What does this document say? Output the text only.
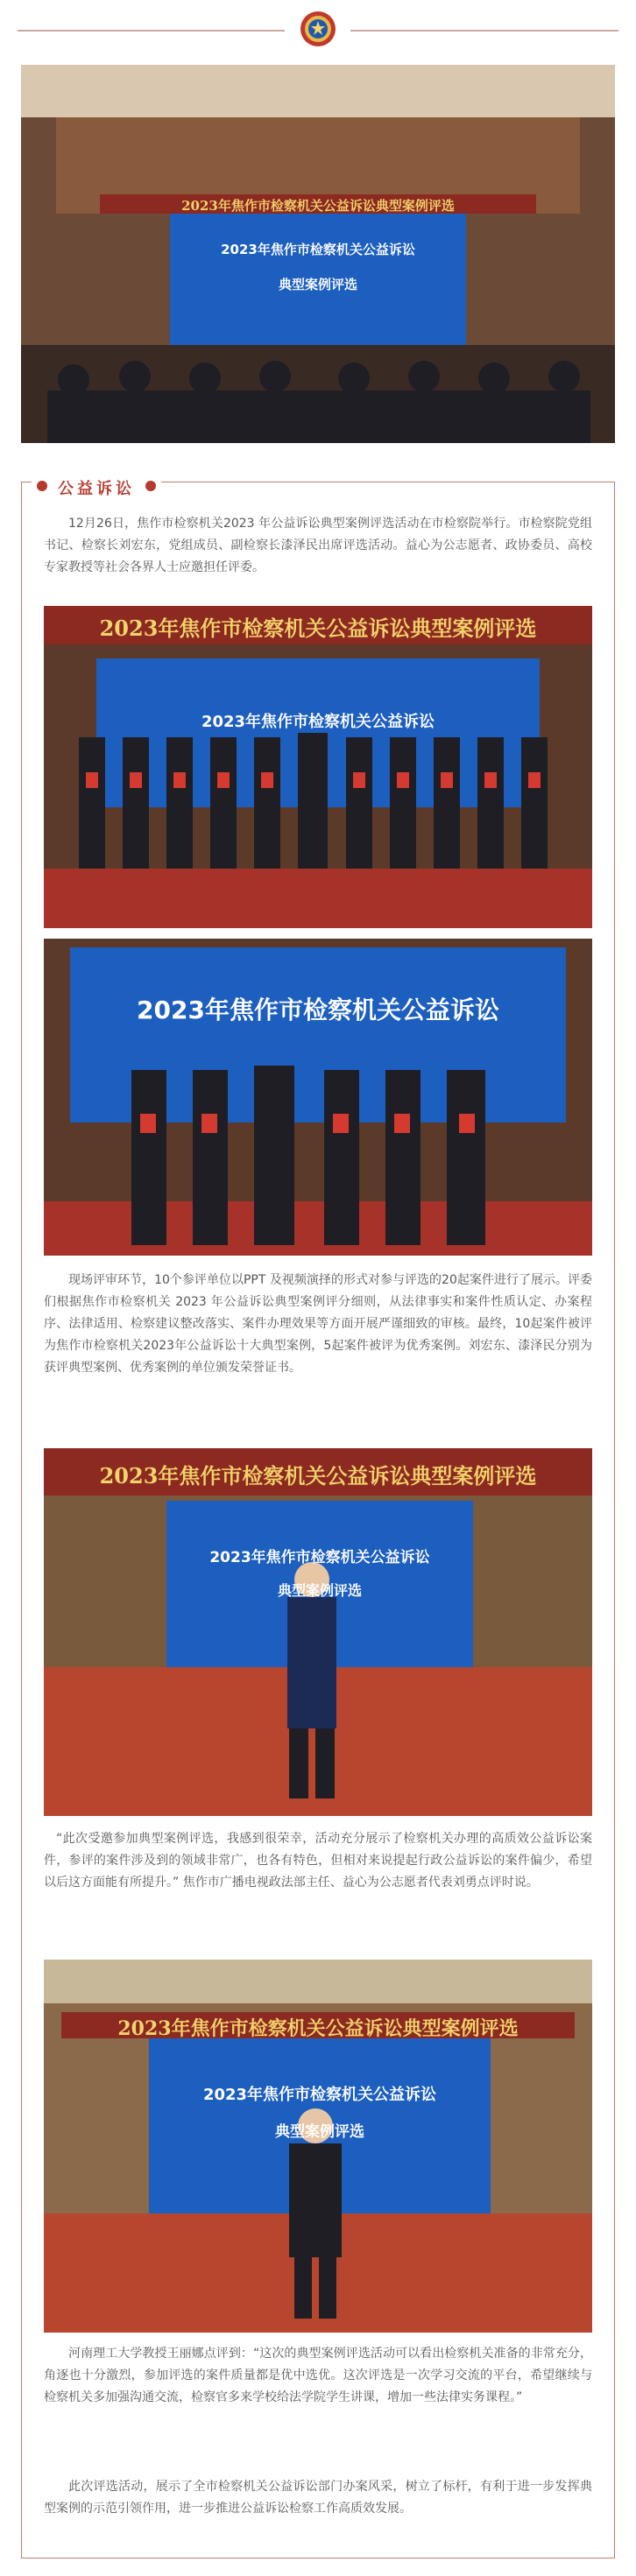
2023年焦作市检察机关公益诉讼典型案例评选
2023年焦作市检察机关公益诉讼
典型案例评选
公益诉讼

12月26日，焦作市检察机关2023 年公益诉讼典型案例评选活动在市检察院举行。市检察院党组书记、检察长刘宏东，党组成员、副检察长漆泽民出席评选活动。益心为公志愿者、政协委员、高校专家教授等社会各界人士应邀担任评委。

2023年焦作市检察机关公益诉讼典型案例评选
2023年焦作市检察机关公益诉讼
2023年焦作市检察机关公益诉讼

现场评审环节，10个参评单位以PPT 及视频演择的形式对参与评选的20起案件进行了展示。评委们根据焦作市检察机关 2023 年公益诉讼典型案例评分细则，从法律事实和案件性质认定、办案程序、法律适用、检察建议整改落实、案件办理效果等方面开展严谨细致的审核。最终，10起案件被评为焦作市检察机关2023年公益诉讼十大典型案例，5起案件被评为优秀案例。刘宏东、漆泽民分别为获评典型案例、优秀案例的单位颁发荣誉证书。

2023年焦作市检察机关公益诉讼典型案例评选
2023年焦作市检察机关公益诉讼
典型案例评选

“此次受邀参加典型案例评选，我感到很荣幸，活动充分展示了检察机关办理的高质效公益诉讼案件，参评的案件涉及到的领域非常广，也各有特色，但相对来说提起行政公益诉讼的案件偏少，希望以后这方面能有所提升。” 焦作市广播电视政法部主任、益心为公志愿者代表刘勇点评时说。

2023年焦作市检察机关公益诉讼典型案例评选
2023年焦作市检察机关公益诉讼
典型案例评选

河南理工大学教授王丽娜点评到：“这次的典型案例评选活动可以看出检察机关准备的非常充分，角逐也十分激烈，参加评选的案件质量都是优中选优。这次评选是一次学习交流的平台，希望继续与检察机关多加强沟通交流，检察官多来学校给法学院学生讲课，增加一些法律实务课程。”

此次评选活动，展示了全市检察机关公益诉讼部门办案风采，树立了标杆，有利于进一步发挥典型案例的示范引领作用，进一步推进公益诉讼检察工作高质效发展。
